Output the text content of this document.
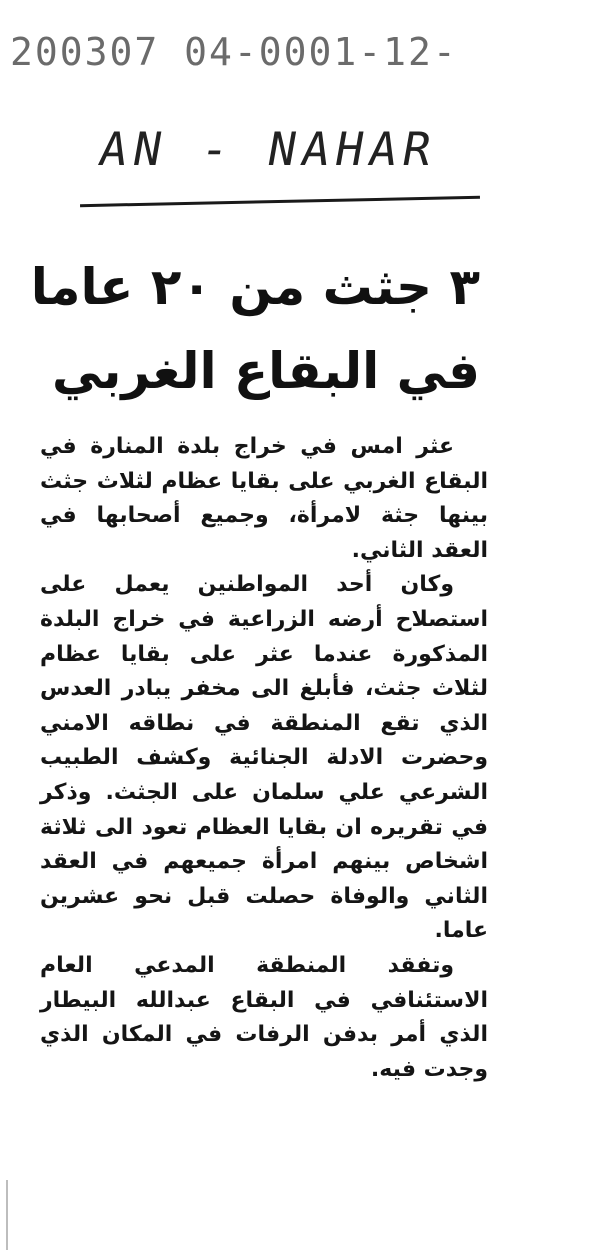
200307 04-0001-12-
AN - NAHAR
٣ جثث من ٢٠ عاما
في البقاع الغربي

عثر امس في خراج بلدة المنارة في البقاع الغربي على بقايا عظام لثلاث جثث بينها جثة لامرأة، وجميع أصحابها في العقد الثاني.

وكان أحد المواطنين يعمل على استصلاح أرضه الزراعية في خراج البلدة المذكورة عندما عثر على بقايا عظام لثلاث جثث، فأبلغ الى مخفر يبادر العدس الذي تقع المنطقة في نطاقه الامني وحضرت الادلة الجنائية وكشف الطبيب الشرعي علي سلمان على الجثث. وذكر في تقريره ان بقايا العظام تعود الى ثلاثة اشخاص بينهم امرأة جميعهم في العقد الثاني والوفاة حصلت قبل نحو عشرين عاما.

وتفقد المنطقة المدعي العام الاستئنافي في البقاع عبدالله البيطار الذي أمر بدفن الرفات في المكان الذي وجدت فيه.
